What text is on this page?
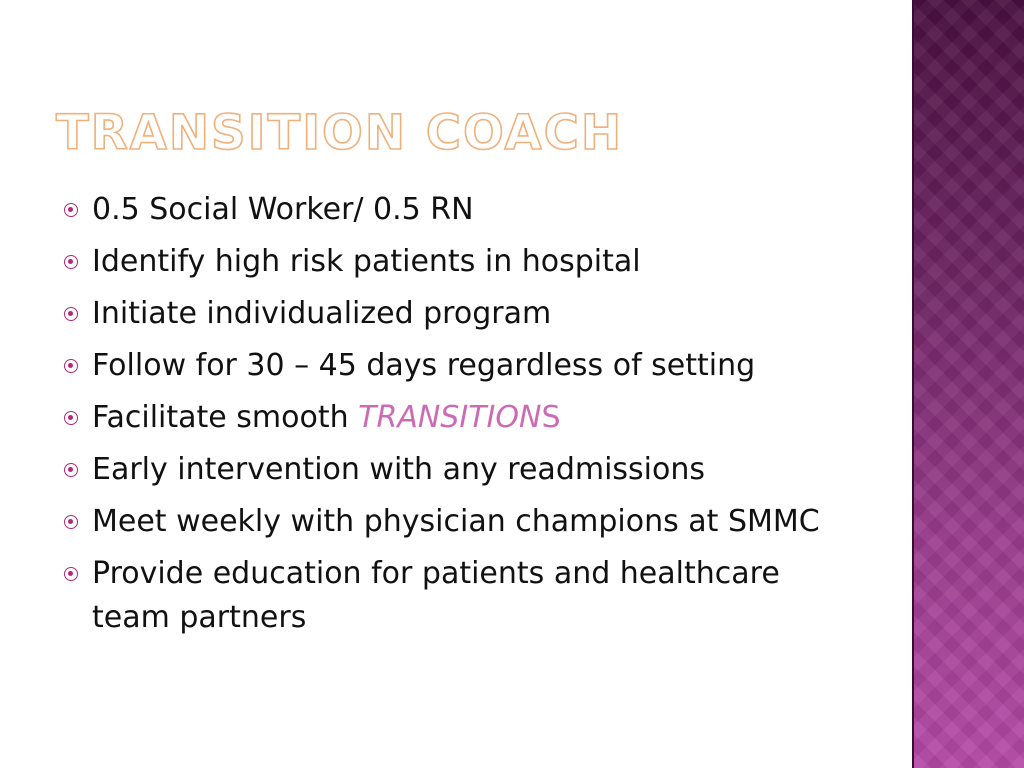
TRANSITION COACH
0.5 Social Worker/ 0.5 RN
Identify high risk patients in hospital
Initiate individualized program
Follow for 30 – 45 days regardless of setting
Facilitate smooth TRANSITIONS
Early intervention with any readmissions
Meet weekly with physician champions at SMMC
Provide education for patients and healthcare team partners
